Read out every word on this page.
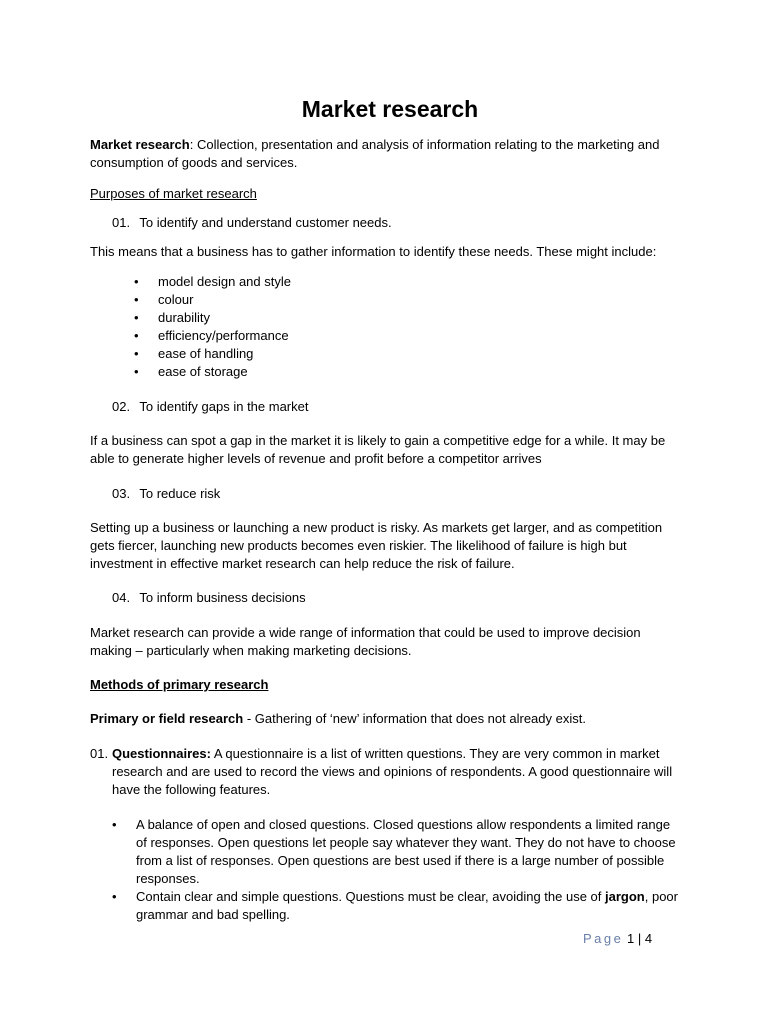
Market research

Market research: Collection, presentation and analysis of information relating to the marketing and consumption of goods and services.

Purposes of market research

01. To identify and understand customer needs.

This means that a business has to gather information to identify these needs. These might include:

• model design and style
• colour
• durability
• efficiency/performance
• ease of handling
• ease of storage
02. To identify gaps in the market

If a business can spot a gap in the market it is likely to gain a competitive edge for a while. It may be able to generate higher levels of revenue and profit before a competitor arrives

03. To reduce risk

Setting up a business or launching a new product is risky. As markets get larger, and as competition gets fiercer, launching new products becomes even riskier. The likelihood of failure is high but investment in effective market research can help reduce the risk of failure.

04. To inform business decisions

Market research can provide a wide range of information that could be used to improve decision making – particularly when making marketing decisions.

Methods of primary research

Primary or field research - Gathering of ‘new’ information that does not already exist.

01. Questionnaires: A questionnaire is a list of written questions. They are very common in market research and are used to record the views and opinions of respondents. A good questionnaire will have the following features.

• A balance of open and closed questions. Closed questions allow respondents a limited range of responses. Open questions let people say whatever they want. They do not have to choose from a list of responses. Open questions are best used if there is a large number of possible responses.
• Contain clear and simple questions. Questions must be clear, avoiding the use of jargon, poor grammar and bad spelling.
Page 1 | 4
